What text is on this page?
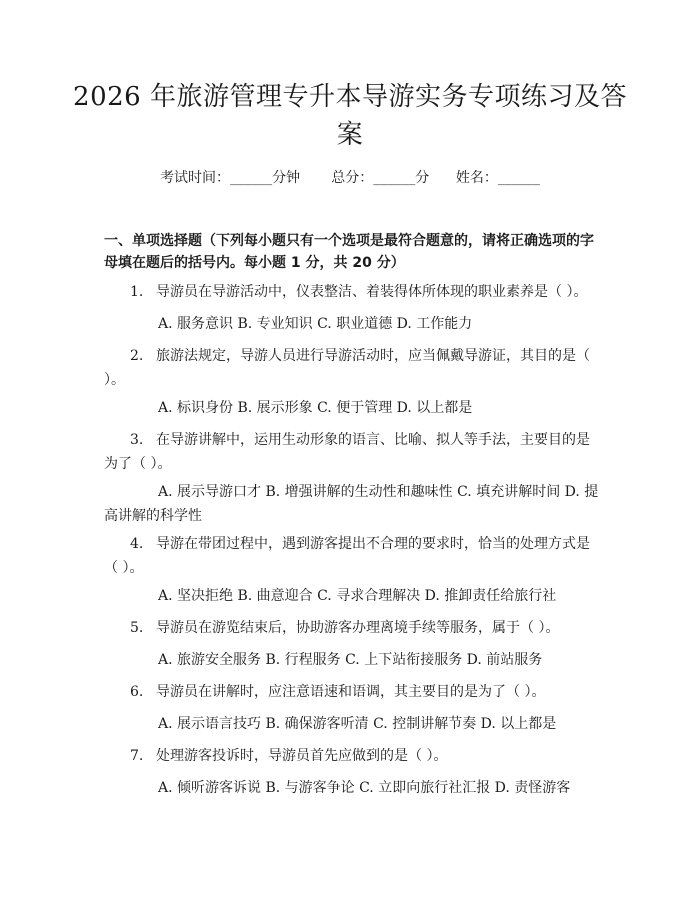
2026 年旅游管理专升本导游实务专项练习及答案
考试时间：______分钟 总分：______分 姓名：______
一、单项选择题（下列每小题只有一个选项是最符合题意的，请将正确选项的字母填在题后的括号内。每小题 1 分，共 20 分）

1. 导游员在导游活动中，仪表整洁、着装得体所体现的职业素养是（ ）。

A. 服务意识 B. 专业知识 C. 职业道德 D. 工作能力

2. 旅游法规定，导游人员进行导游活动时，应当佩戴导游证，其目的是（ ）。

A. 标识身份 B. 展示形象 C. 便于管理 D. 以上都是

3. 在导游讲解中，运用生动形象的语言、比喻、拟人等手法，主要目的是为了（ ）。

A. 展示导游口才 B. 增强讲解的生动性和趣味性 C. 填充讲解时间 D. 提高讲解的科学性

4. 导游在带团过程中，遇到游客提出不合理的要求时，恰当的处理方式是（ ）。

A. 坚决拒绝 B. 曲意迎合 C. 寻求合理解决 D. 推卸责任给旅行社

5. 导游员在游览结束后，协助游客办理离境手续等服务，属于（ ）。

A. 旅游安全服务 B. 行程服务 C. 上下站衔接服务 D. 前站服务

6. 导游员在讲解时，应注意语速和语调，其主要目的是为了（ ）。

A. 展示语言技巧 B. 确保游客听清 C. 控制讲解节奏 D. 以上都是

7. 处理游客投诉时，导游员首先应做到的是（ ）。

A. 倾听游客诉说 B. 与游客争论 C. 立即向旅行社汇报 D. 责怪游客
